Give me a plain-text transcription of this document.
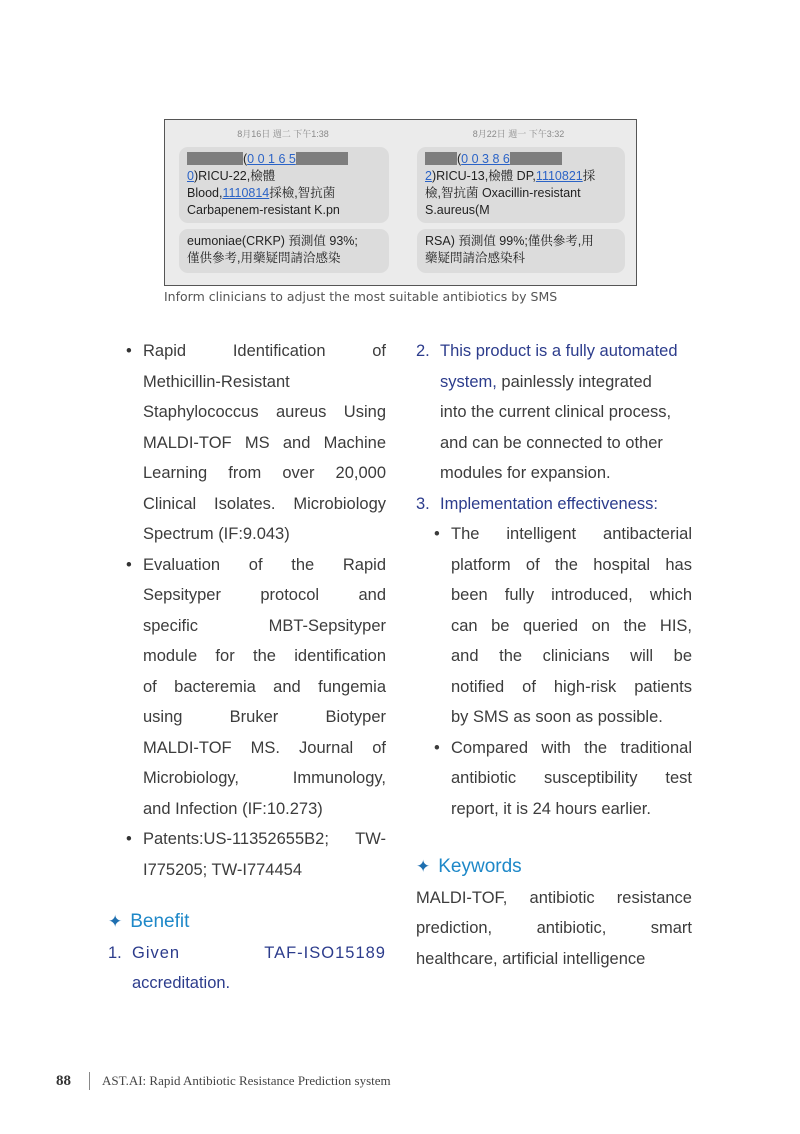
8月16日 週二 下午1:38
(0 0 1 6 5
0)RICU-22,檢體
Blood,1110814採檢,智抗菌
Carbapenem-resistant K.pn
eumoniae(CRKP) 預測值 93%;
僅供參考,用藥疑問請洽感染
8月22日 週一 下午3:32
(0 0 3 8 6
2)RICU-13,檢體 DP,1110821採
檢,智抗菌 Oxacillin-resistant
S.aureus(M
RSA) 預測值 99%;僅供參考,用
藥疑問請洽感染科
Inform clinicians to adjust the most suitable antibiotics by SMS
• Rapid Identification of
Methicillin-Resistant
Staphylococcus aureus Using
MALDI-TOF MS and Machine
Learning from over 20,000
Clinical Isolates. Microbiology
Spectrum (IF:9.043)
• Evaluation of the Rapid
Sepsityper protocol and
specific MBT-Sepsityper
module for the identification
of bacteremia and fungemia
using Bruker Biotyper
MALDI-TOF MS. Journal of
Microbiology, Immunology,
and Infection (IF:10.273)
• Patents:US-11352655B2; TW-
I775205; TW-I774454
✦ Benefit
1. Given TAF-ISO15189
accreditation.
2. This product is a fully automated
system, painlessly integrated
into the current clinical process,
and can be connected to other
modules for expansion.
3. Implementation effectiveness:
• The intelligent antibacterial
platform of the hospital has
been fully introduced, which
can be queried on the HIS,
and the clinicians will be
notified of high-risk patients
by SMS as soon as possible.
• Compared with the traditional
antibiotic susceptibility test
report, it is 24 hours earlier.
✦ Keywords
MALDI-TOF, antibiotic resistance
prediction, antibiotic, smart
healthcare, artificial intelligence
88 AST.AI: Rapid Antibiotic Resistance Prediction system
